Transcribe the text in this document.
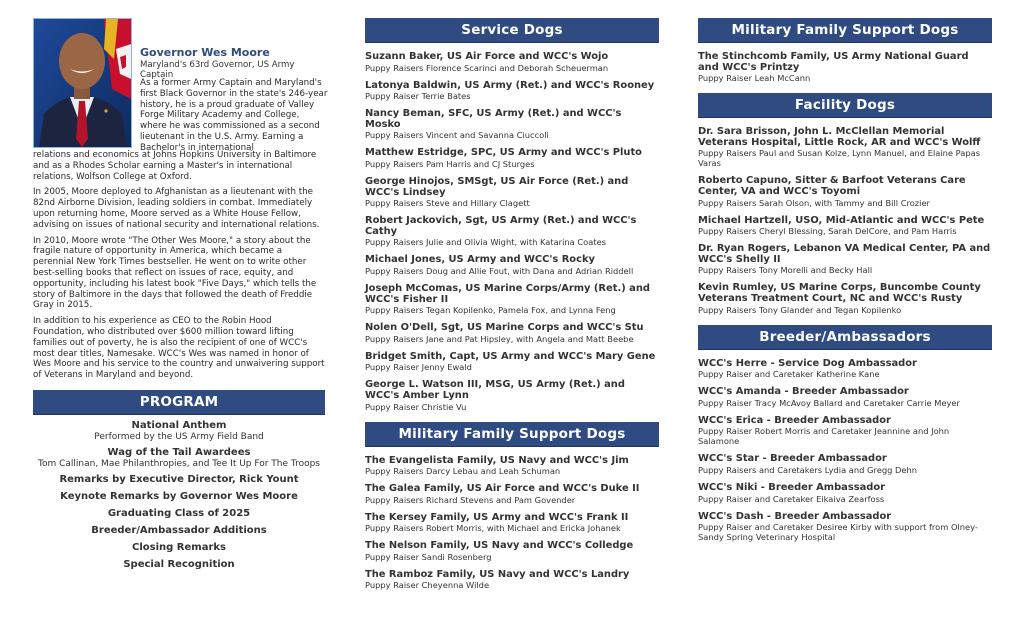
Governor Wes Moore
Maryland's 63rd Governor, US Army Captain
As a former Army Captain and Maryland's first Black Governor in the state's 246-year history, he is a proud graduate of Valley Forge Military Academy and College, where he was commissioned as a second lieutenant in the U.S. Army. Earning a Bachelor's in international

relations and economics at Johns Hopkins University in Baltimore and as a Rhodes Scholar earning a Master's in international relations, Wolfson College at Oxford.

In 2005, Moore deployed to Afghanistan as a lieutenant with the 82nd Airborne Division, leading soldiers in combat. Immediately upon returning home, Moore served as a White House Fellow, advising on issues of national security and international relations.

In 2010, Moore wrote "The Other Wes Moore," a story about the fragile nature of opportunity in America, which became a perennial New York Times bestseller. He went on to write other best-selling books that reflect on issues of race, equity, and opportunity, including his latest book "Five Days," which tells the story of Baltimore in the days that followed the death of Freddie Gray in 2015.

In addition to his experience as CEO to the Robin Hood Foundation, who distributed over $600 million toward lifting families out of poverty, he is also the recipient of one of WCC's most dear titles, Namesake. WCC's Wes was named in honor of Wes Moore and his service to the country and unwaivering support of Veterans in Maryland and beyond.

PROGRAM
National Anthem
Performed by the US Army Field Band
Wag of the Tail Awardees
Tom Callinan, Mae Philanthropies, and Tee It Up For The Troops
Remarks by Executive Director, Rick Yount
Keynote Remarks by Governor Wes Moore
Graduating Class of 2025
Breeder/Ambassador Additions
Closing Remarks
Special Recognition
Service Dogs
Suzann Baker, US Air Force and WCC's Wojo
Puppy Raisers Florence Scarinci and Deborah Scheuerman
Latonya Baldwin, US Army (Ret.) and WCC's Rooney
Puppy Raiser Terrie Bates
Nancy Beman, SFC, US Army (Ret.) and WCC's Mosko
Puppy Raisers Vincent and Savanna Ciuccoli
Matthew Estridge, SPC, US Army and WCC's Pluto
Puppy Raisers Pam Harris and CJ Sturges
George Hinojos, SMSgt, US Air Force (Ret.) and WCC's Lindsey
Puppy Raisers Steve and Hillary Clagett
Robert Jackovich, Sgt, US Army (Ret.) and WCC's Cathy
Puppy Raisers Julie and Olivia Wight, with Katarina Coates
Michael Jones, US Army and WCC's Rocky
Puppy Raisers Doug and Allie Fout, with Dana and Adrian Riddell
Joseph McComas, US Marine Corps/Army (Ret.) and WCC's Fisher II
Puppy Raisers Tegan Kopilenko, Pamela Fox, and Lynna Feng
Nolen O'Dell, Sgt, US Marine Corps and WCC's Stu
Puppy Raisers Jane and Pat Hipsley, with Angela and Matt Beebe
Bridget Smith, Capt, US Army and WCC's Mary Gene
Puppy Raiser Jenny Ewald
George L. Watson III, MSG, US Army (Ret.) and WCC's Amber Lynn
Puppy Raiser Christie Vu
Military Family Support Dogs
The Evangelista Family, US Navy and WCC's Jim
Puppy Raisers Darcy Lebau and Leah Schuman
The Galea Family, US Air Force and WCC's Duke II
Puppy Raisers Richard Stevens and Pam Govender
The Kersey Family, US Army and WCC's Frank II
Puppy Raisers Robert Morris, with Michael and Ericka Johanek
The Nelson Family, US Navy and WCC's Colledge
Puppy Raiser Sandi Rosenberg
The Ramboz Family, US Navy and WCC's Landry
Puppy Raiser Cheyenna Wilde
Military Family Support Dogs
The Stinchcomb Family, US Army National Guard and WCC's Printzy
Puppy Raiser Leah McCann
Facility Dogs
Dr. Sara Brisson, John L. McClellan Memorial Veterans Hospital, Little Rock, AR and WCC's Wolff
Puppy Raisers Paul and Susan Kolze, Lynn Manuel, and Elaine Papas Varas
Roberto Capuno, Sitter & Barfoot Veterans Care Center, VA and WCC's Toyomi
Puppy Raisers Sarah Olson, with Tammy and Bill Crozier
Michael Hartzell, USO, Mid-Atlantic and WCC's Pete
Puppy Raisers Cheryl Blessing, Sarah DelCore, and Pam Harris
Dr. Ryan Rogers, Lebanon VA Medical Center, PA and WCC's Shelly II
Puppy Raisers Tony Morelli and Becky Hall
Kevin Rumley, US Marine Corps, Buncombe County Veterans Treatment Court, NC and WCC's Rusty
Puppy Raisers Tony Glander and Tegan Kopilenko
Breeder/Ambassadors
WCC's Herre - Service Dog Ambassador
Puppy Raiser and Caretaker Katherine Kane
WCC's Amanda - Breeder Ambassador
Puppy Raiser Tracy McAvoy Ballard and Caretaker Carrie Meyer
WCC's Erica - Breeder Ambassador
Puppy Raiser Robert Morris and Caretaker Jeannine and John Salamone
WCC's Star - Breeder Ambassador
Puppy Raisers and Caretakers Lydia and Gregg Dehn
WCC's Niki - Breeder Ambassador
Puppy Raiser and Caretaker Eikaiva Zearfoss
WCC's Dash - Breeder Ambassador
Puppy Raiser and Caretaker Desiree Kirby with support from Olney-Sandy Spring Veterinary Hospital
